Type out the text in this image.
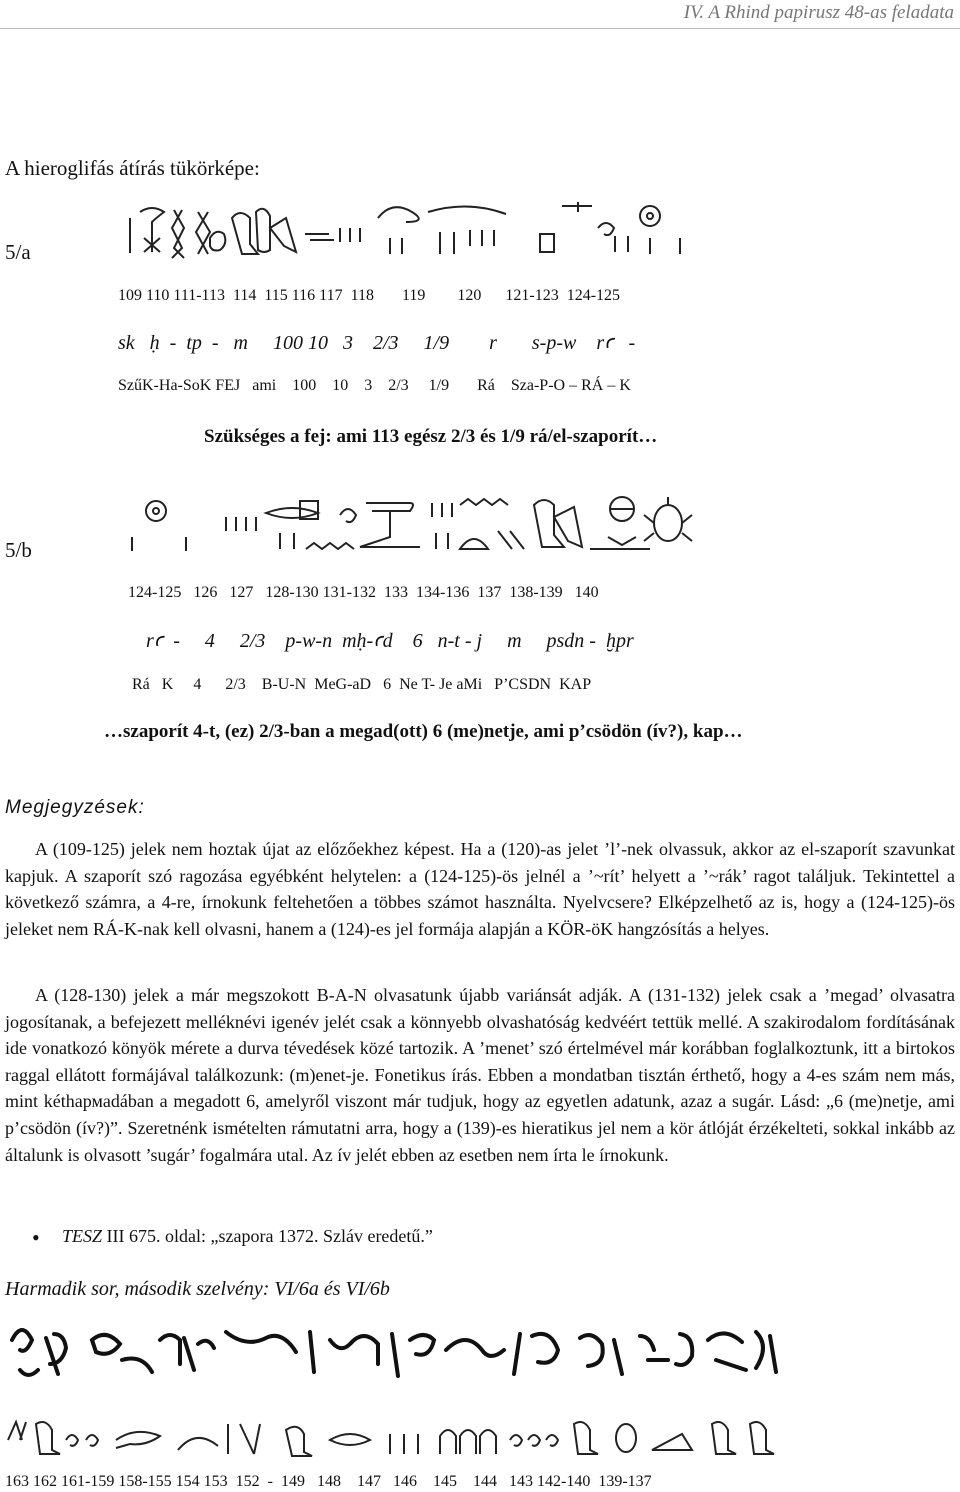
IV. A Rhind papirusz 48-as feladata
A hieroglifás átírás tükörképe:
5/a
109 110 111-113  114  115 116 117  118       119        120      121-123  124-125
sk   ḥ  -  tp  -   m     100 10   3    2/3     1/9        r       s-p-w    rꜥ   -
SzűK-Ha-SoK FEJ   ami    100    10    3    2/3     1/9       Rá    Sza-P-O – RÁ – K
Szükséges a fej: ami 113 egész 2/3 és 1/9 rá/el-szaporít…
5/b
124-125   126   127   128-130 131-132  133  134-136  137  138-139   140
rꜥ  -     4     2/3    p-w-n  mḥ-ꜥd    6   n-t - j     m     psdn -  ḫpr
Rá   K     4      2/3    B-U-N  MeG-aD   6  Ne T- Je aMi   P’CSDN  KAP
…szaporít 4-t, (ez) 2/3-ban a megad(ott) 6 (me)netje, ami p’csödön (ív?), kap…
Megjegyzések:

A (109-125) jelek nem hoztak újat az előzőekhez képest. Ha a (120)-as jelet ’l’-nek olvassuk, akkor az el-szaporít szavunkat kapjuk. A szaporít szó ragozása egyébként helytelen: a (124-125)-ös jelnél a ’~rít’ helyett a ’~rák’ ragot találjuk. Tekintettel a következő számra, a 4-re, írnokunk feltehetően a többes számot használta. Nyelvcsere? Elképzelhető az is, hogy a (124-125)-ös jeleket nem RÁ-K-nak kell olvasni, hanem a (124)-es jel formája alapján a KÖR-öK hangzósítás a helyes.

A (128-130) jelek a már megszokott B-A-N olvasatunk újabb variánsát adják. A (131-132) jelek csak a ’megad’ olvasatra jogosítanak, a befejezett melléknévi igenév jelét csak a könnyebb olvashatóság kedvéért tettük mellé. A szakirodalom fordításának ide vonatkozó könyök mérete a durva tévedések közé tartozik. A ’menet’ szó értelmével már korábban foglalkoztunk, itt a birtokos raggal ellátott formájával találkozunk: (m)enet-je. Fonetikus írás. Ebben a mondatban tisztán érthető, hogy a 4-es szám nem más, mint kéthармadában a megadott 6, amelyről viszont már tudjuk, hogy az egyetlen adatunk, azaz a sugár. Lásd: „6 (me)netje, ami p’csödön (ív?)”. Szeretnénk ismételten rámutatni arra, hogy a (139)-es hieratikus jel nem a kör átlóját érzékelteti, sokkal inkább az általunk is olvasott ’sugár’ fogalmára utal. Az ív jelét ebben az esetben nem írta le írnokunk.

• TESZ III 675. oldal: „szapora 1372. Szláv eredetű.”
Harmadik sor, második szelvény: VI/6a és VI/6b
163 162 161-159 158-155 154 153  152  -  149   148    147   146    145    144   143 142-140  139-137
